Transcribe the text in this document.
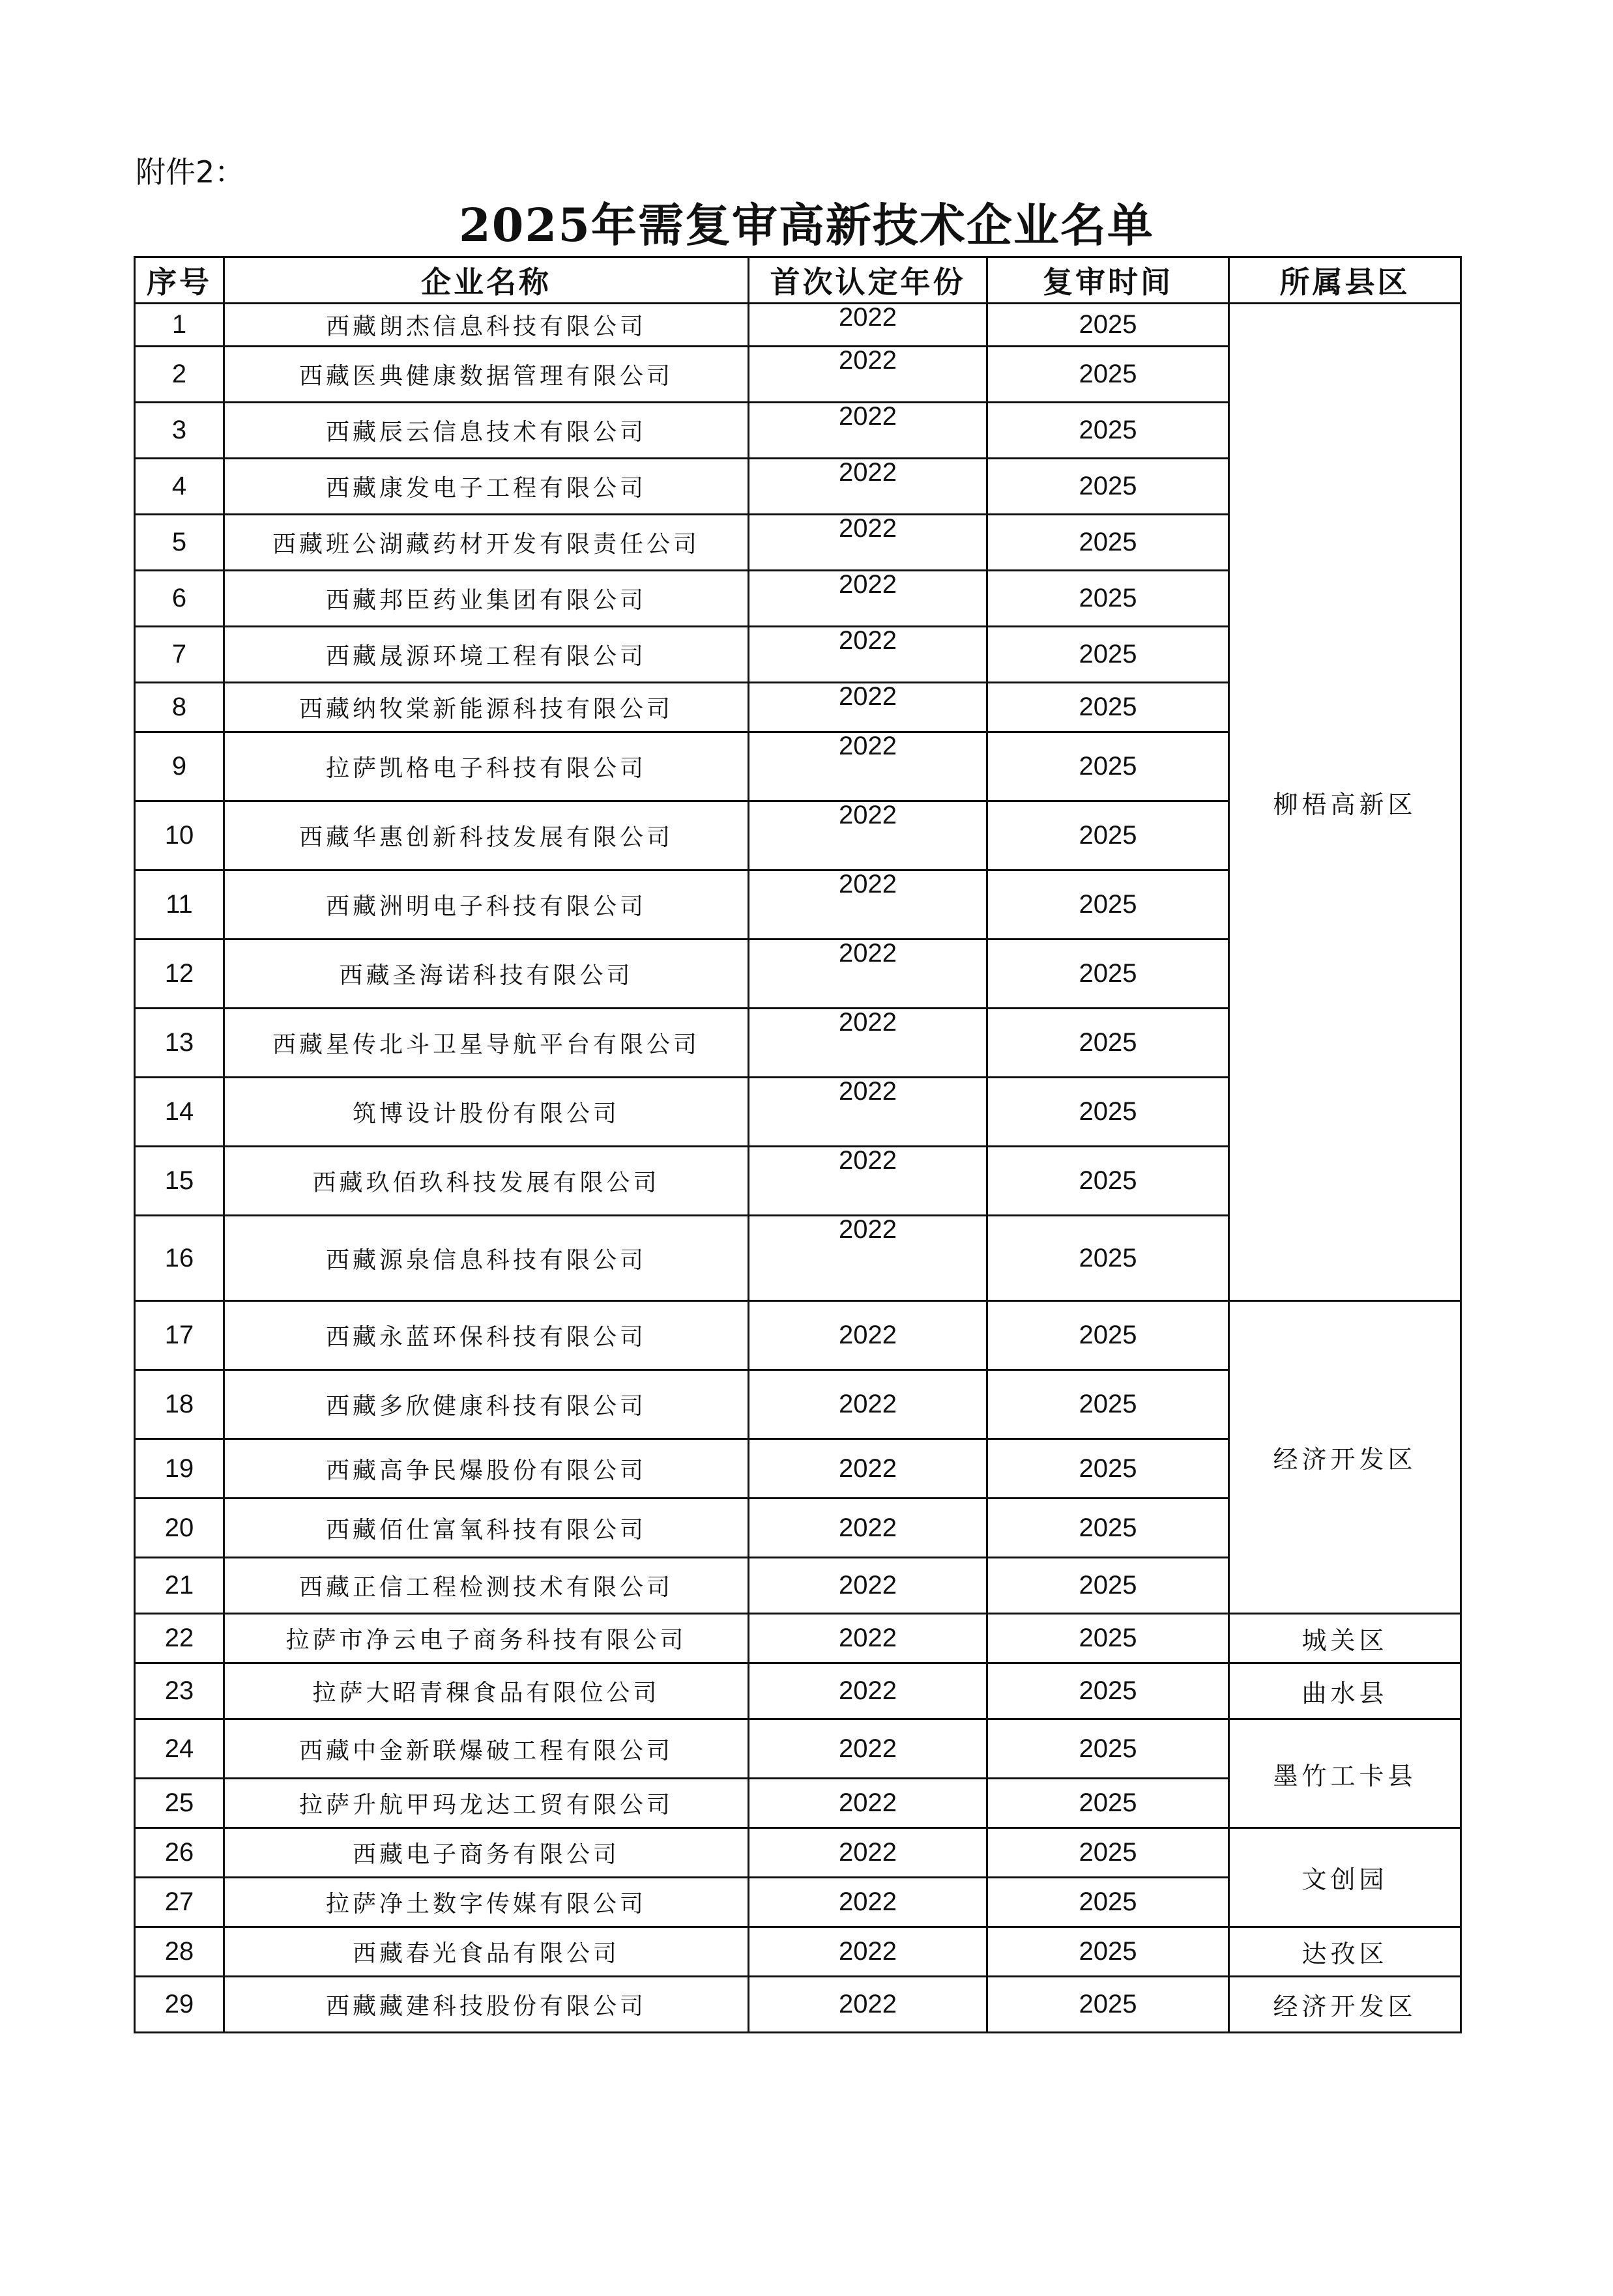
附件2：
2025年需复审高新技术企业名单
序号	企业名称	首次认定年份	复审时间	所属县区
1	西藏朗杰信息科技有限公司	2022	2025	柳梧高新区
2	西藏医典健康数据管理有限公司	2022	2025	
3	西藏辰云信息技术有限公司	2022	2025	
4	西藏康发电子工程有限公司	2022	2025	
5	西藏班公湖藏药材开发有限责任公司	2022	2025	
6	西藏邦臣药业集团有限公司	2022	2025	
7	西藏晟源环境工程有限公司	2022	2025	
8	西藏纳牧棠新能源科技有限公司	2022	2025	
9	拉萨凯格电子科技有限公司	2022	2025	
10	西藏华惠创新科技发展有限公司	2022	2025	
11	西藏洲明电子科技有限公司	2022	2025	
12	西藏圣海诺科技有限公司	2022	2025	
13	西藏星传北斗卫星导航平台有限公司	2022	2025	
14	筑博设计股份有限公司	2022	2025	
15	西藏玖佰玖科技发展有限公司	2022	2025	
16	西藏源泉信息科技有限公司	2022	2025	
17	西藏永蓝环保科技有限公司	2022	2025	经济开发区
18	西藏多欣健康科技有限公司	2022	2025	
19	西藏高争民爆股份有限公司	2022	2025	
20	西藏佰仕富氧科技有限公司	2022	2025	
21	西藏正信工程检测技术有限公司	2022	2025	
22	拉萨市净云电子商务科技有限公司	2022	2025	城关区
23	拉萨大昭青稞食品有限位公司	2022	2025	曲水县
24	西藏中金新联爆破工程有限公司	2022	2025	墨竹工卡县
25	拉萨升航甲玛龙达工贸有限公司	2022	2025	
26	西藏电子商务有限公司	2022	2025	文创园
27	拉萨净土数字传媒有限公司	2022	2025	
28	西藏春光食品有限公司	2022	2025	达孜区
29	西藏藏建科技股份有限公司	2022	2025	经济开发区
